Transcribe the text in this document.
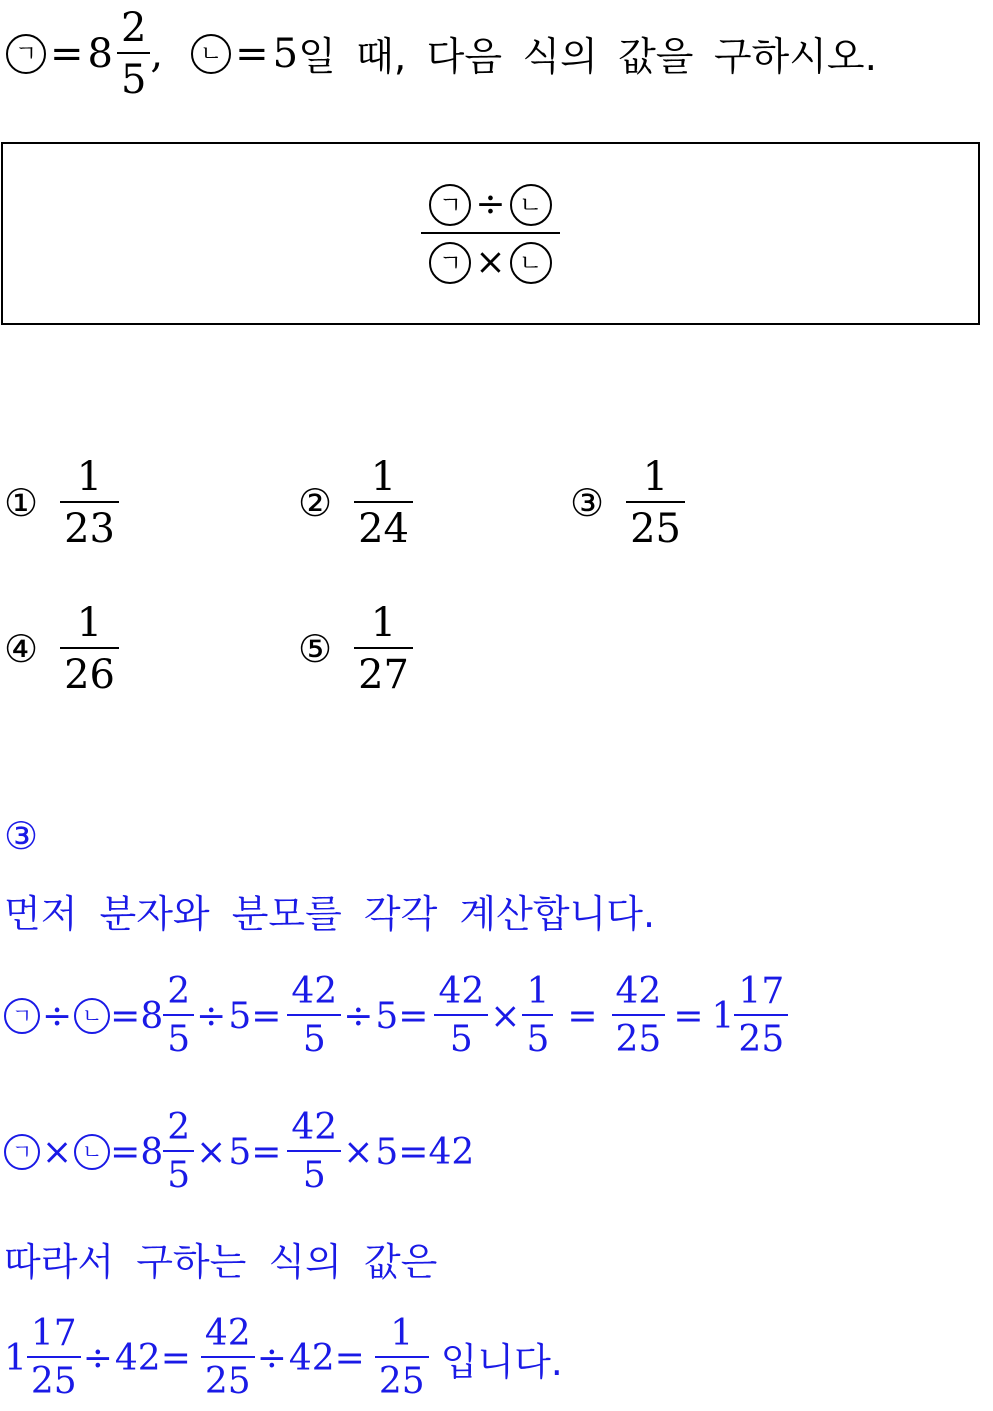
ㄱ = $8 \frac{2}{5}$ ,	ㄴ = 5 일 때, 다음 식의 값을 구하시오.
$\frac{\text{ㄱ ÷ ㄴ}}{\text{ㄱ × ㄴ}}$
① $\frac{1}{23}$	② $\frac{1}{24}$	③ $\frac{1}{25}$
④ $\frac{1}{26}$	⑤ $\frac{1}{27}$
③
먼저 분자와 분모를 각각 계산합니다.
ㄱ ÷ ㄴ = $8 \frac{2}{5} \div 5 = \frac{42}{5} \div 5 = \frac{42}{5} \times \frac{1}{5} = \frac{42}{25} = 1 \frac{17}{25}$
ㄱ × ㄴ = $8 \frac{2}{5} \times 5 = \frac{42}{5} \times 5 = 42$
따라서 구하는 식의 값은
$1 \frac{17}{25} \div 42 = \frac{42}{25} \div 42 = \frac{1}{25}$ 입니다.
